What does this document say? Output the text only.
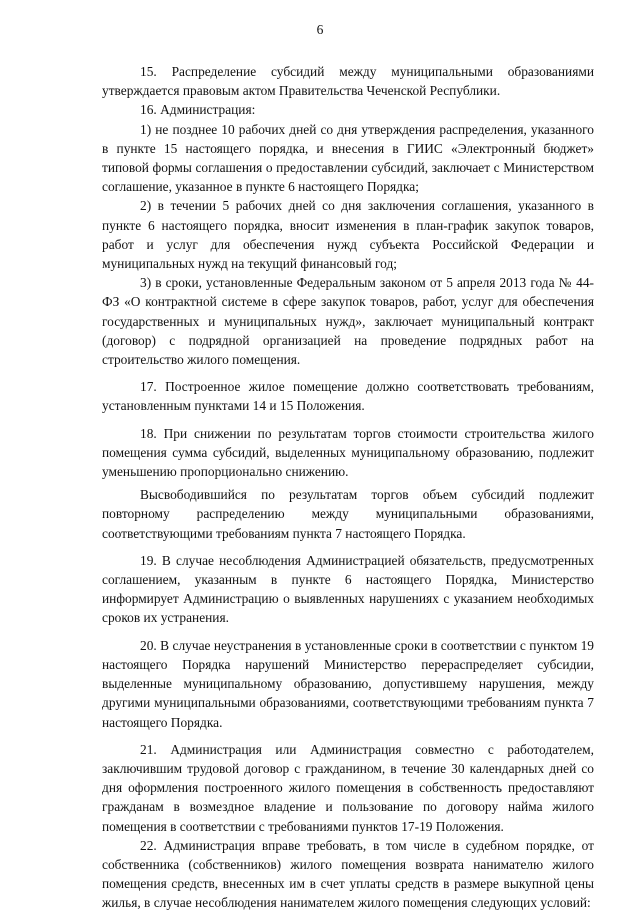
6

15. Распределение субсидий между муниципальными образованиями утверждается правовым актом Правительства Чеченской Республики.

16. Администрация:

1) не позднее 10 рабочих дней со дня утверждения распределения, указанного в пункте 15 настоящего порядка, и внесения в ГИИС «Электронный бюджет» типовой формы соглашения о предоставлении субсидий, заключает с Министерством соглашение, указанное в пункте 6 настоящего Порядка;

2) в течении 5 рабочих дней со дня заключения соглашения, указанного в пункте 6 настоящего порядка, вносит изменения в план-график закупок товаров, работ и услуг для обеспечения нужд субъекта Российской Федерации и муниципальных нужд на текущий финансовый год;

3) в сроки, установленные Федеральным законом от 5 апреля 2013 года № 44-ФЗ «О контрактной системе в сфере закупок товаров, работ, услуг для обеспечения государственных и муниципальных нужд», заключает муниципальный контракт (договор) с подрядной организацией на проведение подрядных работ на строительство жилого помещения.

17. Построенное жилое помещение должно соответствовать требованиям, установленным пунктами 14 и 15 Положения.

18. При снижении по результатам торгов стоимости строительства жилого помещения сумма субсидий, выделенных муниципальному образованию, подлежит уменьшению пропорционально снижению.

Высвободившийся по результатам торгов объем субсидий подлежит повторному распределению между муниципальными образованиями, соответствующими требованиям пункта 7 настоящего Порядка.

19. В случае несоблюдения Администрацией обязательств, предусмотренных соглашением, указанным в пункте 6 настоящего Порядка, Министерство информирует Администрацию о выявленных нарушениях с указанием необходимых сроков их устранения.

20. В случае неустранения в установленные сроки в соответствии с пунктом 19 настоящего Порядка нарушений Министерство перераспределяет субсидии, выделенные муниципальному образованию, допустившему нарушения, между другими муниципальными образованиями, соответствующими требованиям пункта 7 настоящего Порядка.

21. Администрация или Администрация совместно с работодателем, заключившим трудовой договор с гражданином, в течение 30 календарных дней со дня оформления построенного жилого помещения в собственность предоставляют гражданам в возмездное владение и пользование по договору найма жилого помещения в соответствии с требованиями пунктов 17-19 Положения.

22. Администрация вправе требовать, в том числе в судебном порядке, от собственника (собственников) жилого помещения возврата нанимателю жилого помещения средств, внесенных им в счет уплаты средств в размере выкупной цены жилья, в случае несоблюдения нанимателем жилого помещения следующих условий:
